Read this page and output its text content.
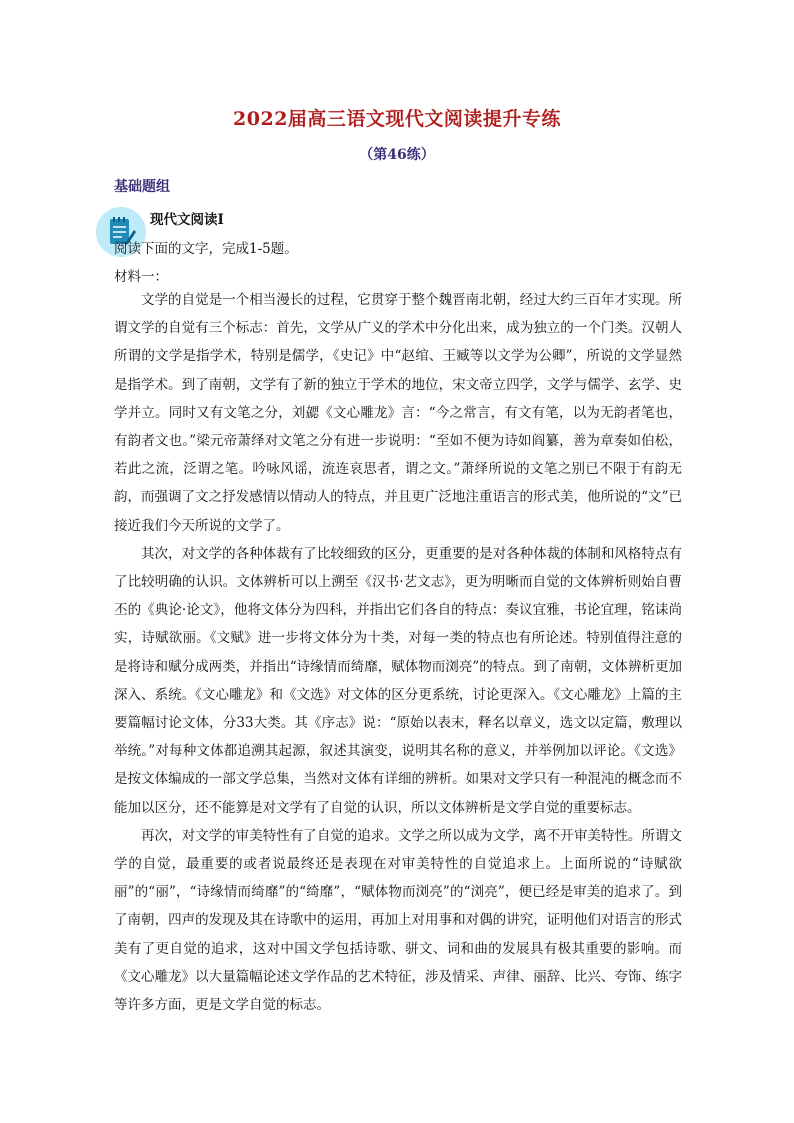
2022届高三语文现代文阅读提升专练
（第46练）
基础题组
现代文阅读Ⅰ
阅读下面的文字，完成1-5题。
材料一：

文学的自觉是一个相当漫长的过程，它贯穿于整个魏晋南北朝，经过大约三百年才实现。所谓文学的自觉有三个标志：首先，文学从广义的学术中分化出来，成为独立的一个门类。汉朝人所谓的文学是指学术，特别是儒学，《史记》中“赵绾、王臧等以文学为公卿”，所说的文学显然是指学术。到了南朝，文学有了新的独立于学术的地位，宋文帝立四学，文学与儒学、玄学、史学并立。同时又有文笔之分，刘勰《文心雕龙》言：“今之常言，有文有笔，以为无韵者笔也，有韵者文也。”梁元帝萧绎对文笔之分有进一步说明：“至如不便为诗如阎纂，善为章奏如伯松，若此之流，泛谓之笔。吟咏风谣，流连哀思者，谓之文。”萧绎所说的文笔之别已不限于有韵无韵，而强调了文之抒发感情以情动人的特点，并且更广泛地注重语言的形式美，他所说的“文”已接近我们今天所说的文学了。

其次，对文学的各种体裁有了比较细致的区分，更重要的是对各种体裁的体制和风格特点有了比较明确的认识。文体辨析可以上溯至《汉书·艺文志》，更为明晰而自觉的文体辨析则始自曹丕的《典论·论文》，他将文体分为四科，并指出它们各自的特点：奏议宜雅，书论宜理，铭诔尚实，诗赋欲丽。《文赋》进一步将文体分为十类，对每一类的特点也有所论述。特别值得注意的是将诗和赋分成两类，并指出“诗缘情而绮靡，赋体物而浏亮”的特点。到了南朝，文体辨析更加深入、系统。《文心雕龙》和《文选》对文体的区分更系统，讨论更深入。《文心雕龙》上篇的主要篇幅讨论文体，分33大类。其《序志》说：“原始以表末，释名以章义，选文以定篇，敷理以举统。”对每种文体都追溯其起源，叙述其演变，说明其名称的意义，并举例加以评论。《文选》是按文体编成的一部文学总集，当然对文体有详细的辨析。如果对文学只有一种混沌的概念而不能加以区分，还不能算是对文学有了自觉的认识，所以文体辨析是文学自觉的重要标志。

再次，对文学的审美特性有了自觉的追求。文学之所以成为文学，离不开审美特性。所谓文学的自觉，最重要的或者说最终还是表现在对审美特性的自觉追求上。上面所说的“诗赋欲丽”的“丽”，“诗缘情而绮靡”的“绮靡”，“赋体物而浏亮”的“浏亮”，便已经是审美的追求了。到了南朝，四声的发现及其在诗歌中的运用，再加上对用事和对偶的讲究，证明他们对语言的形式美有了更自觉的追求，这对中国文学包括诗歌、骈文、词和曲的发展具有极其重要的影响。而《文心雕龙》以大量篇幅论述文学作品的艺术特征，涉及情采、声律、丽辞、比兴、夸饰、练字等许多方面，更是文学自觉的标志。
